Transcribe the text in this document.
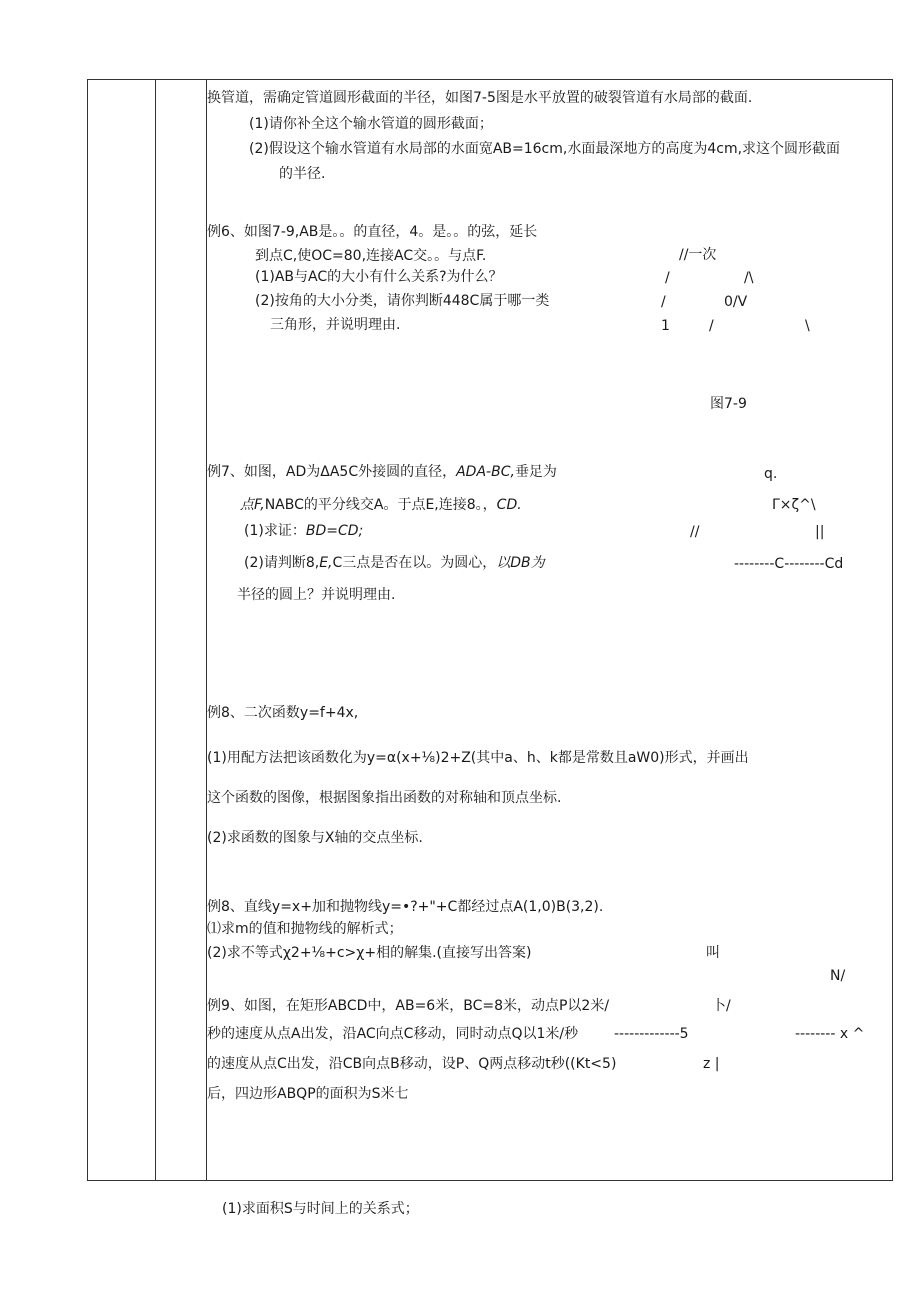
换管道，需确定管道圆形截面的半径，如图7-5图是水平放置的破裂管道有水局部的截面.
(1)请你补全这个输水管道的圆形截面；
(2)假设这个输水管道有水局部的水面宽AB=16cm,水面最深地方的高度为4cm,求这个圆形截面
的半径.
例6、如图7-9,AB是。。的直径，4。是。。的弦，延长
到点C,使OC=80,连接AC交。。与点F.
(1)AB与AC的大小有什么关系?为什么？
(2)按角的大小分类，请你判断448C属于哪一类
三角形，并说明理由.
例7、如图，AD为ΔA5C外接圆的直径，ADA-BC,垂足为
点F,NABC的平分线交A。于点E,连接8。，CD.
(1)求证：BD=CD;
(2)请判断8,E,C三点是否在以。为圆心，以DB为
半径的圆上？并说明理由.
例8、二次函数y=f+4x,
(1)用配方法把该函数化为y=α(x+⅛)2+Z(其中a、h、k都是常数且aW0)形式，并画出
这个函数的图像，根据图象指出函数的对称轴和顶点坐标.
(2)求函数的图象与X轴的交点坐标.
例8、直线y=x+加和抛物线y=•?+"+C都经过点A(1,0)B(3,2).
⑴求m的值和抛物线的解析式；
(2)求不等式χ2+⅛+c>χ+相的解集.(直接写出答案)
例9、如图，在矩形ABCD中，AB=6米，BC=8米，动点P以2米/
秒的速度从点A出发，沿AC向点C移动，同时动点Q以1米/秒
的速度从点C出发，沿CB向点B移动，设P、Q两点移动t秒((Kt<5)
后，四边形ABQP的面积为S米七
(1)求面积S与时间上的关系式；
//一次
/	/\
/	0/V
1	/	\
图7-9
q.
Γ×ζ^\
//	||
--------C--------Cd
叫
N/
卜/
-------------5	-------- x ^
z |
